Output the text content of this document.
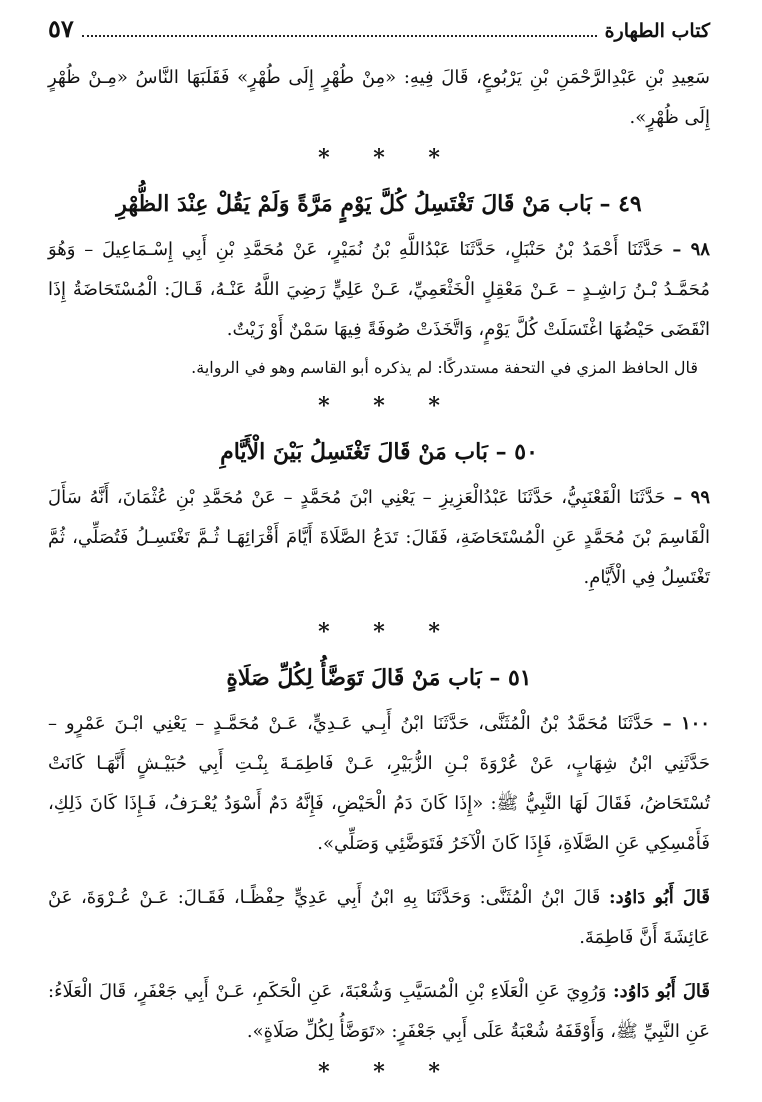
كتاب الطهارة
٥٧

سَعِيدِ بْنِ عَبْدِالرَّحْمَنِ بْنِ يَرْبُوعٍ، قَالَ فِيهِ: «مِنْ طُهْرٍ إِلَى طُهْرٍ» فَقَلَبَهَا النَّاسُ «مِـنْ ظُهْرٍ إِلَى ظُهْرٍ».

* * *
٤٩ – بَاب مَنْ قَالَ تَغْتَسِلُ كُلَّ يَوْمٍ مَرَّةً وَلَمْ يَقُلْ عِنْدَ الظُّهْرِ

٩٨ – حَدَّثَنَا أَحْمَدُ بْنُ حَنْبَلٍ، حَدَّثَنَا عَبْدُاللَّهِ بْنُ نُمَيْرٍ، عَنْ مُحَمَّدِ بْنِ أَبِي إِسْـمَاعِيلَ – وَهُوَ مُحَمَّـدُ بْـنُ رَاشِـدٍ – عَـنْ مَعْقِلٍ الْخَثْعَمِيِّ، عَـنْ عَلِيٍّ رَضِيَ اللَّهُ عَنْـهُ، قَـالَ: الْمُسْتَحَاضَةُ إِذَا انْقَضَى حَيْضُهَا اغْتَسَلَتْ كُلَّ يَوْمٍ، وَاتَّخَذَتْ صُوفَةً فِيهَا سَمْنٌ أَوْ زَيْتٌ.

قال الحافظ المزي في التحفة مستدركًا: لم يذكره أبو القاسم وهو في الرواية.

* * *
٥٠ – بَاب مَنْ قَالَ تَغْتَسِلُ بَيْنَ الْأَيَّامِ

٩٩ – حَدَّثَنَا الْقَعْنَبِيُّ، حَدَّثَنَا عَبْدُالْعَزِيزِ – يَعْنِي ابْنَ مُحَمَّدٍ – عَنْ مُحَمَّدِ بْنِ عُثْمَانَ، أَنَّهُ سَأَلَ الْقَاسِمَ بْنَ مُحَمَّدٍ عَنِ الْمُسْتَحَاضَةِ، فَقَالَ: تَدَعُ الصَّلَاةَ أَيَّامَ أَقْرَائِهَـا ثُـمَّ تَغْتَسِـلُ فَتُصَلِّي، ثُمَّ تَغْتَسِلُ فِي الْأَيَّامِ.

* * *
٥١ – بَاب مَنْ قَالَ تَوَضَّأُ لِكُلِّ صَلَاةٍ

١٠٠ – حَدَّثَنَا مُحَمَّدُ بْنُ الْمُثَنَّى، حَدَّثَنَا ابْنُ أَبِـي عَـدِيٍّ، عَـنْ مُحَمَّـدٍ – يَعْنِي ابْـنَ عَمْرٍو – حَدَّثَنِي ابْنُ شِهَابٍ، عَنْ عُرْوَةَ بْـنِ الزُّبَيْرِ، عَـنْ فَاطِمَـةَ بِنْـتِ أَبِي حُبَيْـشٍ أَنَّهَـا كَانَتْ تُسْتَحَاضُ، فَقَالَ لَهَا النَّبِيُّ ﷺ: «إِذَا كَانَ دَمُ الْحَيْضِ، فَإِنَّهُ دَمٌ أَسْوَدُ يُعْـرَفُ، فَـإِذَا كَانَ ذَلِكِ، فَأَمْسِكِي عَنِ الصَّلَاةِ، فَإِذَا كَانَ الْآخَرُ فَتَوَضَّئِي وَصَلِّي».

قَالَ أَبُو دَاوُد: قَالَ ابْنُ الْمُثَنَّى: وَحَدَّثَنَا بِهِ ابْنُ أَبِي عَدِيٍّ حِفْظًـا، فَقَـالَ: عَـنْ عُـرْوَةَ، عَنْ عَائِشَةَ أَنَّ فَاطِمَةَ.

قَالَ أَبُو دَاوُد: وَرُوِيَ عَنِ الْعَلَاءِ بْنِ الْمُسَيَّبِ وَشُعْبَةَ، عَنِ الْحَكَمِ، عَـنْ أَبِي جَعْفَرٍ، قَالَ الْعَلَاءُ: عَنِ النَّبِيِّ ﷺ، وَأَوْقَفَهُ شُعْبَةُ عَلَى أَبِي جَعْفَرٍ: «تَوَضَّأُ لِكُلِّ صَلَاةٍ».

* * *
